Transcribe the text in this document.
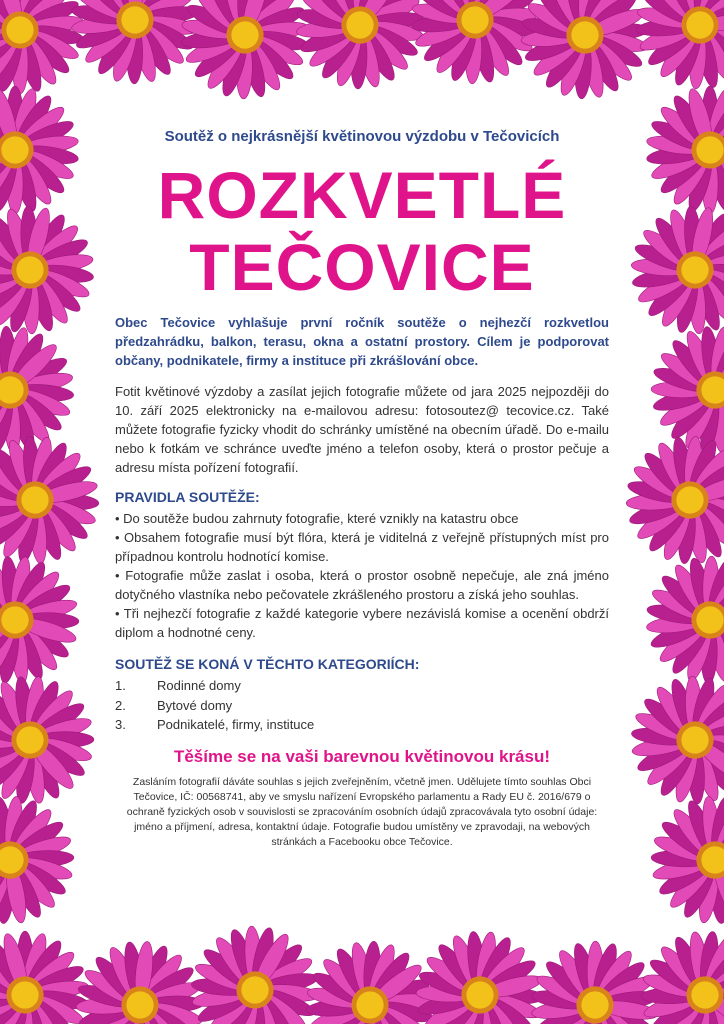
Soutěž o nejkrásnější květinovou výzdobu v Tečovicích

ROZKVETLÉ
TEČOVICE

Obec Tečovice vyhlašuje první ročník soutěže o nejhezčí rozkvetlou předzahrádku, balkon, terasu, okna a ostatní prostory. Cílem je podporovat občany, podnikatele, firmy a instituce při zkrášlování obce.

Fotit květinové výzdoby a zasílat jejich fotografie můžete od jara 2025 nejpozději do 10. září 2025 elektronicky na e-mailovou adresu: fotosoutez@ tecovice.cz. Také můžete fotografie fyzicky vhodit do schránky umístěné na obecním úřadě. Do e-mailu nebo k fotkám ve schránce uveďte jméno a telefon osoby, která o prostor pečuje a adresu místa pořízení fotografií.

PRAVIDLA SOUTĚŽE:

• Do soutěže budou zahrnuty fotografie, které vznikly na katastru obce

• Obsahem fotografie musí být flóra, která je viditelná z veřejně přístupných míst pro případnou kontrolu hodnotící komise.

• Fotografie může zaslat i osoba, která o prostor osobně nepečuje, ale zná jméno dotyčného vlastníka nebo pečovatele zkrášleného prostoru a získá jeho souhlas.

• Tři nejhezčí fotografie z každé kategorie vybere nezávislá komise a ocenění obdrží diplom a hodnotné ceny.

SOUTĚŽ SE KONÁ V TĚCHTO KATEGORIÍCH:
1.	Rodinné domy
2.	Bytové domy
3.	Podnikatelé, firmy, instituce

Těšíme se na vaši barevnou květinovou krásu!

Zasláním fotografií dáváte souhlas s jejich zveřejněním, včetně jmen. Udělujete tímto souhlas Obci Tečovice, IČ: 00568741, aby ve smyslu nařízení Evropského parlamentu a Rady EU č. 2016/679 o ochraně fyzických osob v souvislosti se zpracováním osobních údajů zpracovávala tyto osobní údaje: jméno a příjmení, adresa, kontaktní údaje. Fotografie budou umístěny ve zpravodaji, na webových stránkách a Facebooku obce Tečovice.
